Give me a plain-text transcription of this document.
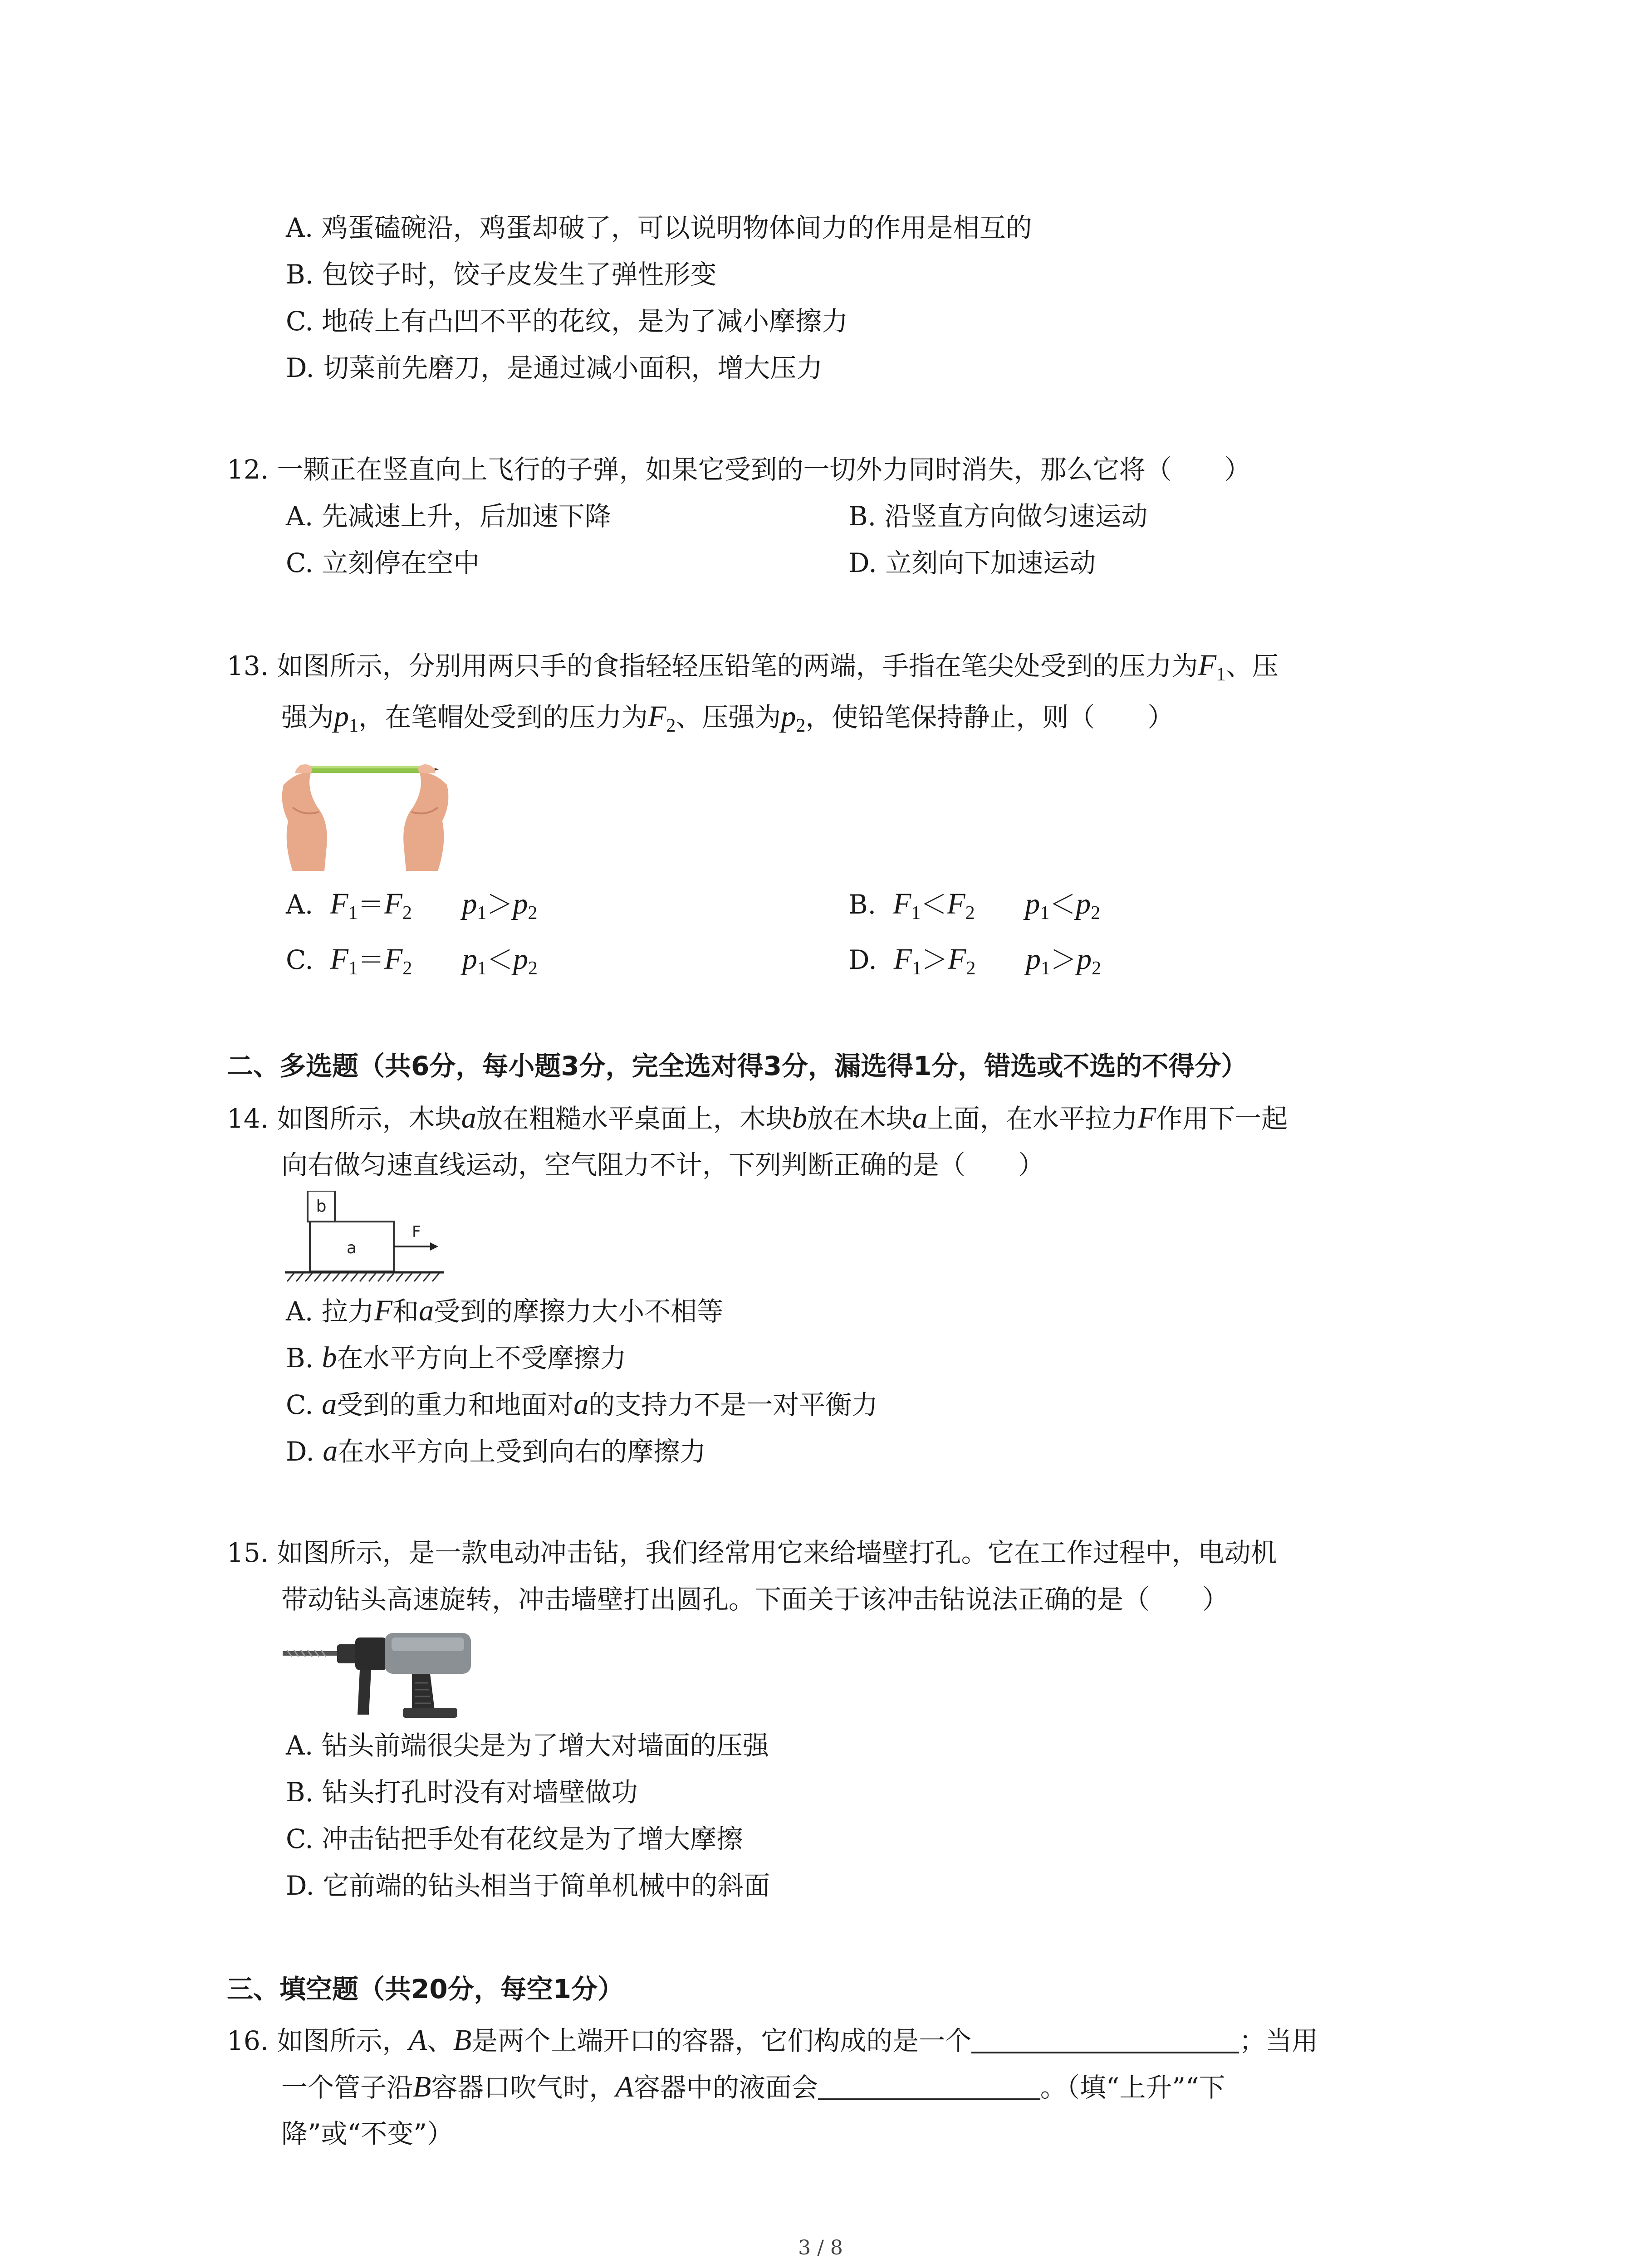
A. 鸡蛋磕碗沿，鸡蛋却破了，可以说明物体间力的作用是相互的
B. 包饺子时，饺子皮发生了弹性形变
C. 地砖上有凸凹不平的花纹，是为了减小摩擦力
D. 切菜前先磨刀，是通过减小面积，增大压力
12. 一颗正在竖直向上飞行的子弹，如果它受到的一切外力同时消失，那么它将（　　）
A. 先减速上升，后加速下降	B. 沿竖直方向做匀速运动
C. 立刻停在空中	D. 立刻向下加速运动
13. 如图所示，分别用两只手的食指轻轻压铅笔的两端，手指在笔尖处受到的压力为$F_1$、压
强为$p_1$，在笔帽处受到的压力为$F_2$、压强为$p_2$，使铅笔保持静止，则（　　）
A. $F_1=F_2$ $p_1>p_2$	B. $F_1<F_2$ $p_1<p_2$
C. $F_1=F_2$ $p_1<p_2$	D. $F_1>F_2$ $p_1>p_2$
二、多选题（共6分，每小题3分，完全选对得3分，漏选得1分，错选或不选的不得分）
14. 如图所示，木块a放在粗糙水平桌面上，木块b放在木块a上面，在水平拉力F作用下一起
向右做匀速直线运动，空气阻力不计，下列判断正确的是（　　）
b
a
F
A. 拉力F和a受到的摩擦力大小不相等
B. b在水平方向上不受摩擦力
C. a受到的重力和地面对a的支持力不是一对平衡力
D. a在水平方向上受到向右的摩擦力
15. 如图所示，是一款电动冲击钻，我们经常用它来给墙壁打孔。它在工作过程中，电动机
带动钻头高速旋转，冲击墙壁打出圆孔。下面关于该冲击钻说法正确的是（　　）
A. 钻头前端很尖是为了增大对墙面的压强
B. 钻头打孔时没有对墙壁做功
C. 冲击钻把手处有花纹是为了增大摩擦
D. 它前端的钻头相当于简单机械中的斜面
三、填空题（共20分，每空1分）
16. 如图所示，A、B是两个上端开口的容器，它们构成的是一个	；当用
一个管子沿B容器口吹气时，A容器中的液面会	。（填“上升”“下
降”或“不变”）
3 / 8
